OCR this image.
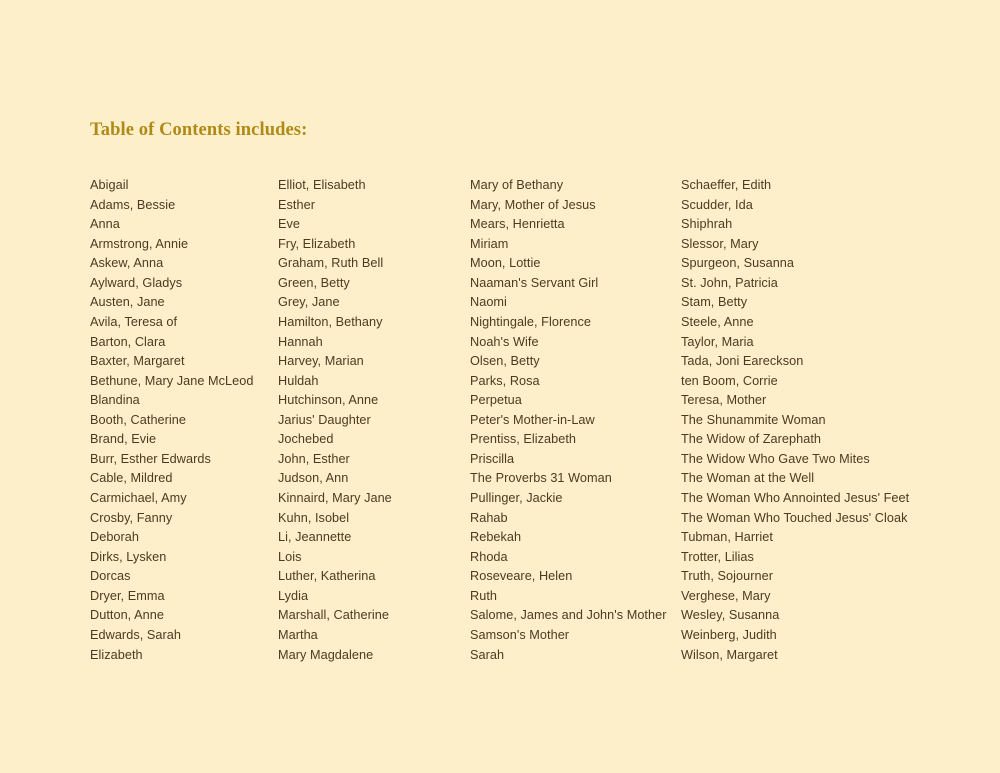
Table of Contents includes:
Abigail
Adams, Bessie
Anna
Armstrong, Annie
Askew, Anna
Aylward, Gladys
Austen, Jane
Avila, Teresa of
Barton, Clara
Baxter, Margaret
Bethune, Mary Jane McLeod
Blandina
Booth, Catherine
Brand, Evie
Burr, Esther Edwards
Cable, Mildred
Carmichael, Amy
Crosby, Fanny
Deborah
Dirks, Lysken
Dorcas
Dryer, Emma
Dutton, Anne
Edwards, Sarah
Elizabeth
Elliot, Elisabeth
Esther
Eve
Fry, Elizabeth
Graham, Ruth Bell
Green, Betty
Grey, Jane
Hamilton, Bethany
Hannah
Harvey, Marian
Huldah
Hutchinson, Anne
Jarius' Daughter
Jochebed
John, Esther
Judson, Ann
Kinnaird, Mary Jane
Kuhn, Isobel
Li, Jeannette
Lois
Luther, Katherina
Lydia
Marshall, Catherine
Martha
Mary Magdalene
Mary of Bethany
Mary, Mother of Jesus
Mears, Henrietta
Miriam
Moon, Lottie
Naaman's Servant Girl
Naomi
Nightingale, Florence
Noah's Wife
Olsen, Betty
Parks, Rosa
Perpetua
Peter's Mother-in-Law
Prentiss, Elizabeth
Priscilla
The Proverbs 31 Woman
Pullinger, Jackie
Rahab
Rebekah
Rhoda
Roseveare, Helen
Ruth
Salome, James and John's Mother
Samson's Mother
Sarah
Schaeffer, Edith
Scudder, Ida
Shiphrah
Slessor, Mary
Spurgeon, Susanna
St. John, Patricia
Stam, Betty
Steele, Anne
Taylor, Maria
Tada, Joni Eareckson
ten Boom, Corrie
Teresa, Mother
The Shunammite Woman
The Widow of Zarephath
The Widow Who Gave Two Mites
The Woman at the Well
The Woman Who Annointed Jesus' Feet
The Woman Who Touched Jesus' Cloak
Tubman, Harriet
Trotter, Lilias
Truth, Sojourner
Verghese, Mary
Wesley, Susanna
Weinberg, Judith
Wilson, Margaret
